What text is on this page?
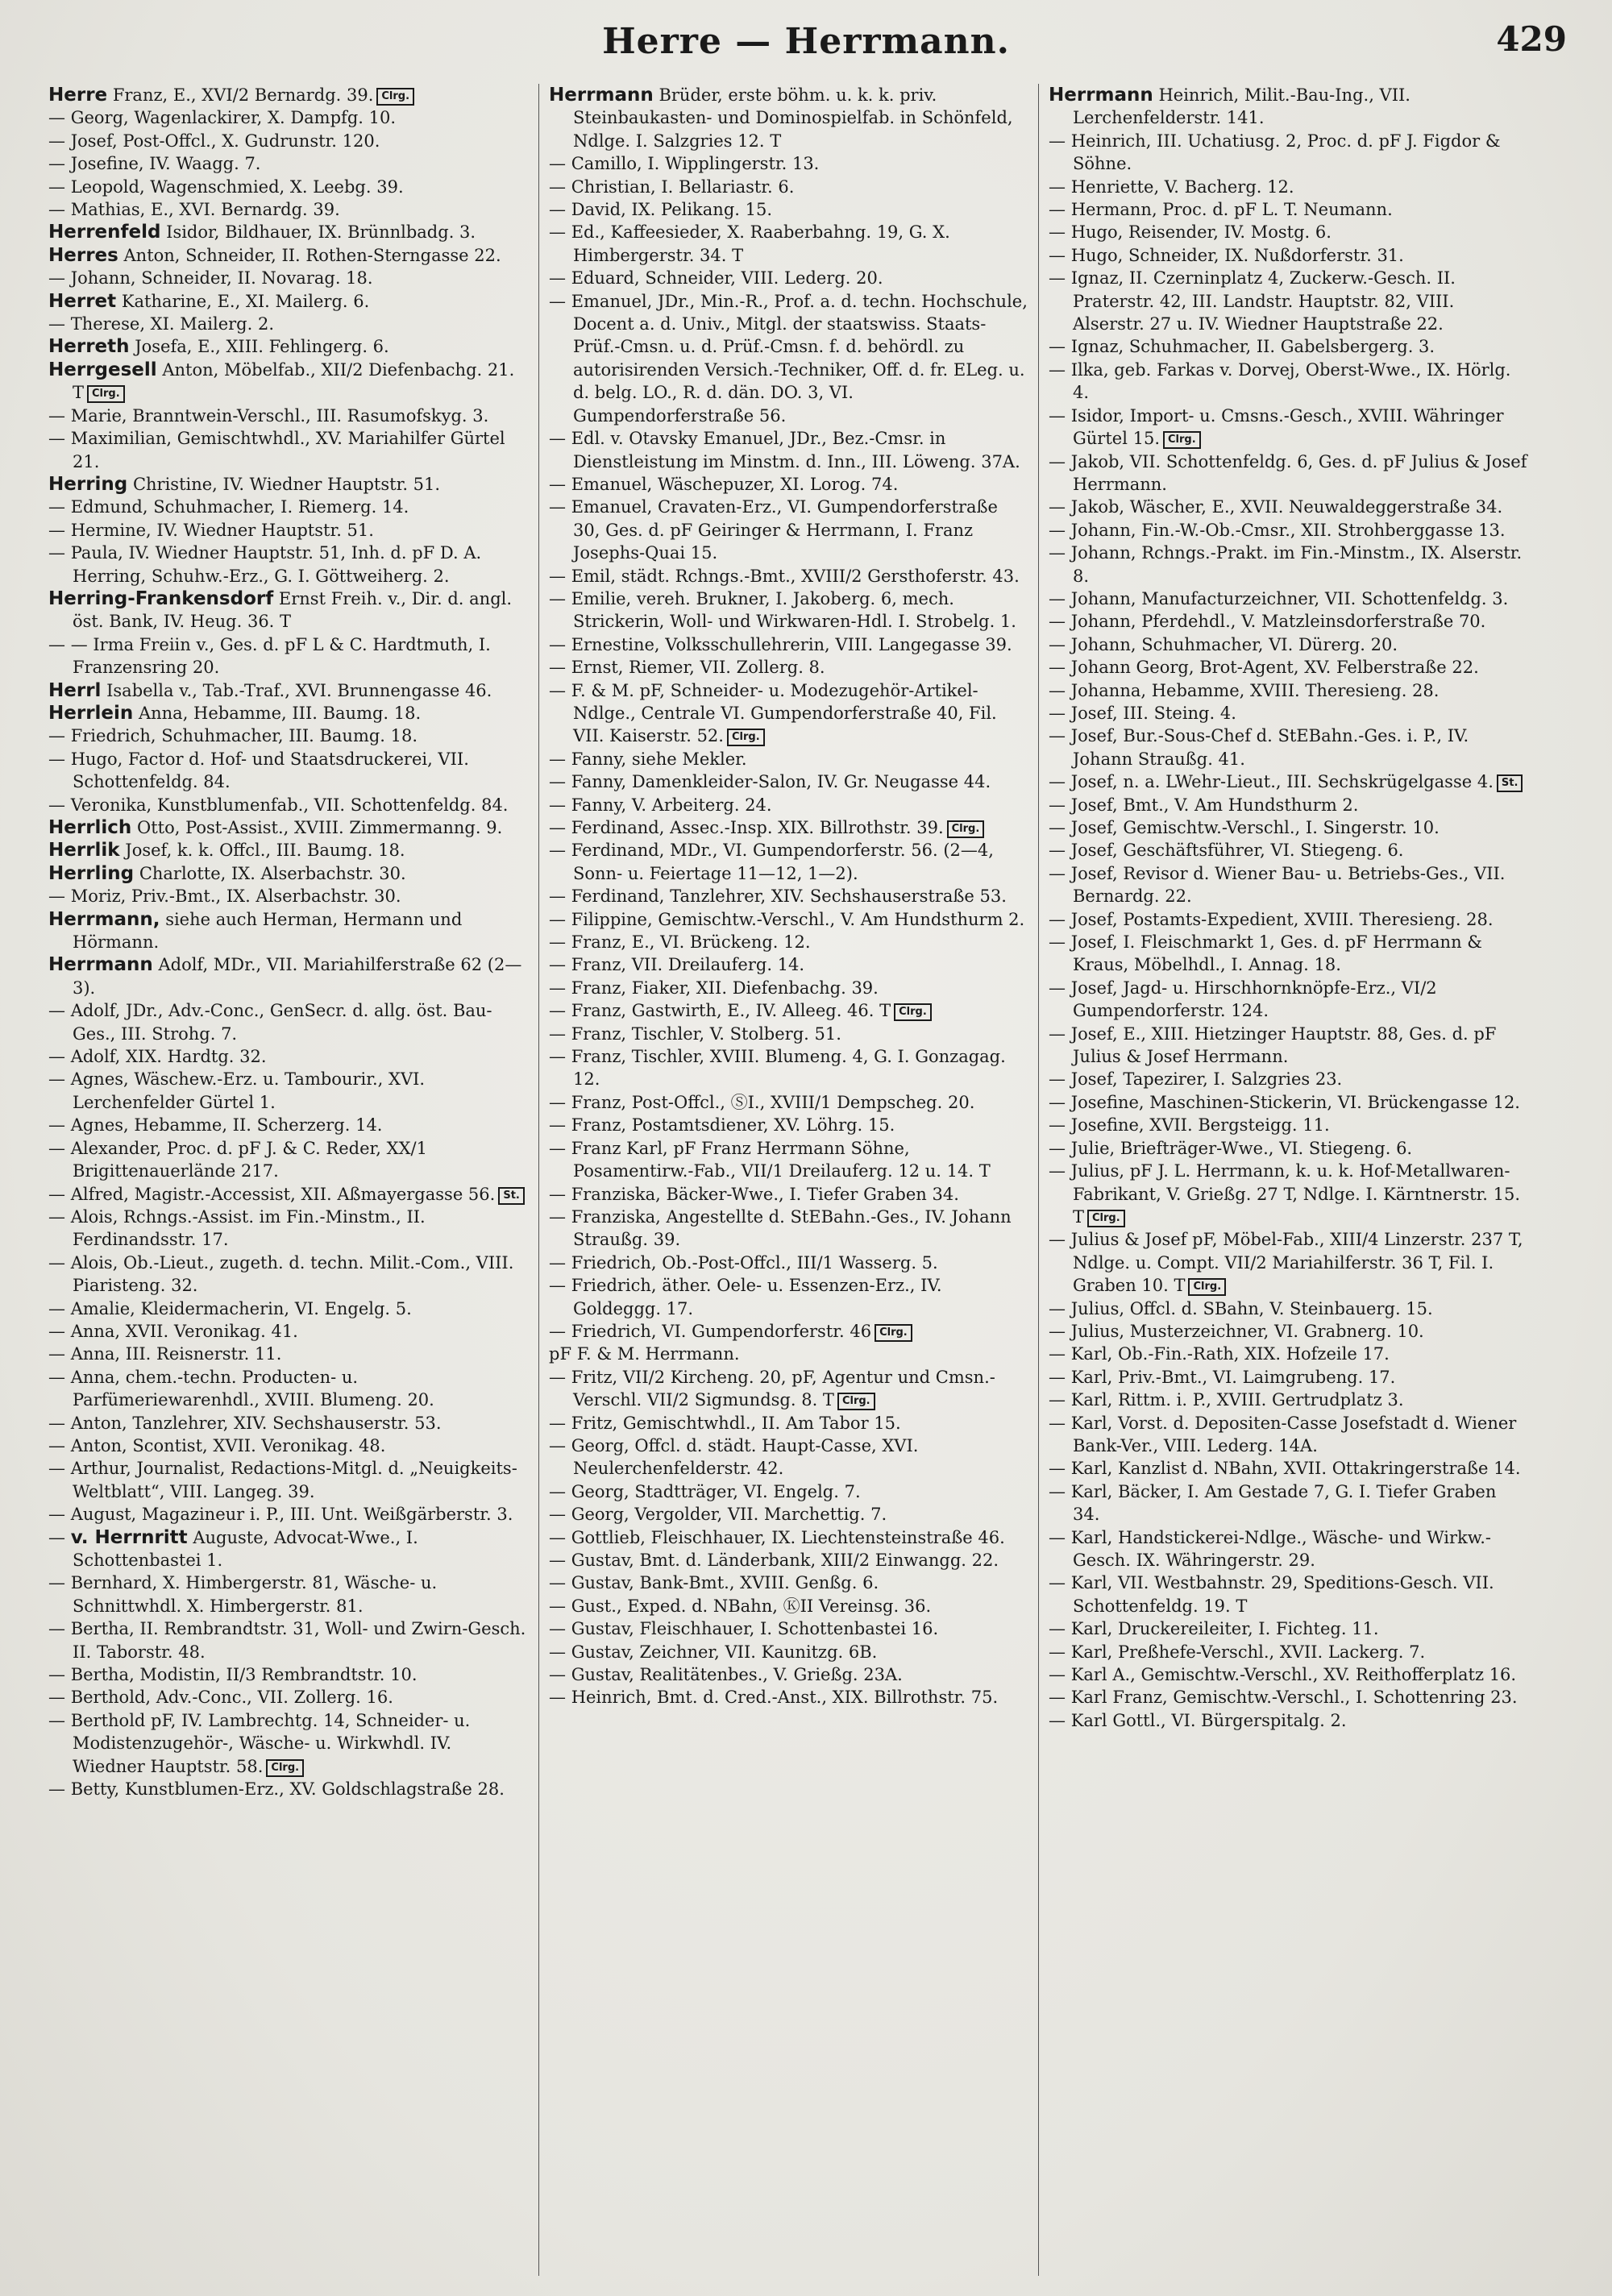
Herre — Herrmann.	429
Herre Franz, E., XVI/2 Bernardg. 39. Clrg.
— Georg, Wagenlackirer, X. Dampfg. 10.
— Josef, Post-Offcl., X. Gudrunstr. 120.
— Josefine, IV. Waagg. 7.
— Leopold, Wagenschmied, X. Leebg. 39.
— Mathias, E., XVI. Bernardg. 39.
Herrenfeld Isidor, Bildhauer, IX. Brünnlbadg. 3.
Herres Anton, Schneider, II. Rothen-Sterngasse 22.
— Johann, Schneider, II. Novarag. 18.
Herret Katharine, E., XI. Mailerg. 6.
— Therese, XI. Mailerg. 2.
Herreth Josefa, E., XIII. Fehlingerg. 6.
Herrgesell Anton, Möbelfab., XII/2 Diefenbachg. 21. T Clrg.
— Marie, Branntwein-Verschl., III. Rasumofskyg. 3.
— Maximilian, Gemischtwhdl., XV. Mariahilfer Gürtel 21.
Herring Christine, IV. Wiedner Hauptstr. 51.
— Edmund, Schuhmacher, I. Riemerg. 14.
— Hermine, IV. Wiedner Hauptstr. 51.
— Paula, IV. Wiedner Hauptstr. 51, Inh. d. pF D. A. Herring, Schuhw.-Erz., G. I. Göttweiherg. 2.
Herring-Frankensdorf Ernst Freih. v., Dir. d. angl. öst. Bank, IV. Heug. 36. T
— — Irma Freiin v., Ges. d. pF L & C. Hardtmuth, I. Franzensring 20.
Herrl Isabella v., Tab.-Traf., XVI. Brunnengasse 46.
Herrlein Anna, Hebamme, III. Baumg. 18.
— Friedrich, Schuhmacher, III. Baumg. 18.
— Hugo, Factor d. Hof- und Staatsdruckerei, VII. Schottenfeldg. 84.
— Veronika, Kunstblumenfab., VII. Schottenfeldg. 84.
Herrlich Otto, Post-Assist., XVIII. Zimmermanng. 9.
Herrlik Josef, k. k. Offcl., III. Baumg. 18.
Herrling Charlotte, IX. Alserbachstr. 30.
— Moriz, Priv.-Bmt., IX. Alserbachstr. 30.
Herrmann, siehe auch Herman, Hermann und Hörmann.
Herrmann Adolf, MDr., VII. Mariahilferstraße 62 (2—3).
— Adolf, JDr., Adv.-Conc., GenSecr. d. allg. öst. Bau-Ges., III. Strohg. 7.
— Adolf, XIX. Hardtg. 32.
— Agnes, Wäschew.-Erz. u. Tambourir., XVI. Lerchenfelder Gürtel 1.
— Agnes, Hebamme, II. Scherzerg. 14.
— Alexander, Proc. d. pF J. & C. Reder, XX/1 Brigittenauerlände 217.
— Alfred, Magistr.-Accessist, XII. Aßmayergasse 56. St.
— Alois, Rchngs.-Assist. im Fin.-Minstm., II. Ferdinandsstr. 17.
— Alois, Ob.-Lieut., zugeth. d. techn. Milit.-Com., VIII. Piaristeng. 32.
— Amalie, Kleidermacherin, VI. Engelg. 5.
— Anna, XVII. Veronikag. 41.
— Anna, III. Reisnerstr. 11.
— Anna, chem.-techn. Producten- u. Parfümeriewarenhdl., XVIII. Blumeng. 20.
— Anton, Tanzlehrer, XIV. Sechshauserstr. 53.
— Anton, Scontist, XVII. Veronikag. 48.
— Arthur, Journalist, Redactions-Mitgl. d. „Neuigkeits-Weltblatt“, VIII. Langeg. 39.
— August, Magazineur i. P., III. Unt. Weißgärberstr. 3.
— v. Herrnritt Auguste, Advocat-Wwe., I. Schottenbastei 1.
— Bernhard, X. Himbergerstr. 81, Wäsche- u. Schnittwhdl. X. Himbergerstr. 81.
— Bertha, II. Rembrandtstr. 31, Woll- und Zwirn-Gesch. II. Taborstr. 48.
— Bertha, Modistin, II/3 Rembrandtstr. 10.
— Berthold, Adv.-Conc., VII. Zollerg. 16.
— Berthold pF, IV. Lambrechtg. 14, Schneider- u. Modistenzugehör-, Wäsche- u. Wirkwhdl. IV. Wiedner Hauptstr. 58. Clrg.
— Betty, Kunstblumen-Erz., XV. Goldschlagstraße 28.
Herrmann Brüder, erste böhm. u. k. k. priv. Steinbaukasten- und Dominospielfab. in Schönfeld, Ndlge. I. Salzgries 12. T
— Camillo, I. Wipplingerstr. 13.
— Christian, I. Bellariastr. 6.
— David, IX. Pelikang. 15.
— Ed., Kaffeesieder, X. Raaberbahng. 19, G. X. Himbergerstr. 34. T
— Eduard, Schneider, VIII. Lederg. 20.
— Emanuel, JDr., Min.-R., Prof. a. d. techn. Hochschule, Docent a. d. Univ., Mitgl. der staatswiss. Staats-Prüf.-Cmsn. u. d. Prüf.-Cmsn. f. d. behördl. zu autorisirenden Versich.-Techniker, Off. d. fr. ELeg. u. d. belg. LO., R. d. dän. DO. 3, VI. Gumpendorferstraße 56.
— Edl. v. Otavsky Emanuel, JDr., Bez.-Cmsr. in Dienstleistung im Minstm. d. Inn., III. Löweng. 37A.
— Emanuel, Wäschepuzer, XI. Lorog. 74.
— Emanuel, Cravaten-Erz., VI. Gumpendorferstraße 30, Ges. d. pF Geiringer & Herrmann, I. Franz Josephs-Quai 15.
— Emil, städt. Rchngs.-Bmt., XVIII/2 Gersthoferstr. 43.
— Emilie, vereh. Brukner, I. Jakoberg. 6, mech. Strickerin, Woll- und Wirkwaren-Hdl. I. Strobelg. 1.
— Ernestine, Volksschullehrerin, VIII. Langegasse 39.
— Ernst, Riemer, VII. Zollerg. 8.
— F. & M. pF, Schneider- u. Modezugehör-Artikel-Ndlge., Centrale VI. Gumpendorferstraße 40, Fil. VII. Kaiserstr. 52. Clrg.
— Fanny, siehe Mekler.
— Fanny, Damenkleider-Salon, IV. Gr. Neugasse 44.
— Fanny, V. Arbeiterg. 24.
— Ferdinand, Assec.-Insp. XIX. Billrothstr. 39. Clrg.
— Ferdinand, MDr., VI. Gumpendorferstr. 56. (2—4, Sonn- u. Feiertage 11—12, 1—2).
— Ferdinand, Tanzlehrer, XIV. Sechshauserstraße 53.
— Filippine, Gemischtw.-Verschl., V. Am Hundsthurm 2.
— Franz, E., VI. Brückeng. 12.
— Franz, VII. Dreilauferg. 14.
— Franz, Fiaker, XII. Diefenbachg. 39.
— Franz, Gastwirth, E., IV. Alleeg. 46. T Clrg.
— Franz, Tischler, V. Stolberg. 51.
— Franz, Tischler, XVIII. Blumeng. 4, G. I. Gonzagag. 12.
— Franz, Post-Offcl., ⓈI., XVIII/1 Dempscheg. 20.
— Franz, Postamtsdiener, XV. Löhrg. 15.
— Franz Karl, pF Franz Herrmann Söhne, Posamentirw.-Fab., VII/1 Dreilauferg. 12 u. 14. T
— Franziska, Bäcker-Wwe., I. Tiefer Graben 34.
— Franziska, Angestellte d. StEBahn.-Ges., IV. Johann Straußg. 39.
— Friedrich, Ob.-Post-Offcl., III/1 Wasserg. 5.
— Friedrich, äther. Oele- u. Essenzen-Erz., IV. Goldeggg. 17.
— Friedrich, VI. Gumpendorferstr. 46 Clrg.
pF F. & M. Herrmann.
— Fritz, VII/2 Kircheng. 20, pF, Agentur und Cmsn.-Verschl. VII/2 Sigmundsg. 8. T Clrg.
— Fritz, Gemischtwhdl., II. Am Tabor 15.
— Georg, Offcl. d. städt. Haupt-Casse, XVI. Neulerchenfelderstr. 42.
— Georg, Stadtträger, VI. Engelg. 7.
— Georg, Vergolder, VII. Marchettig. 7.
— Gottlieb, Fleischhauer, IX. Liechtensteinstraße 46.
— Gustav, Bmt. d. Länderbank, XIII/2 Einwangg. 22.
— Gustav, Bank-Bmt., XVIII. Genßg. 6.
— Gust., Exped. d. NBahn, ⓀII Vereinsg. 36.
— Gustav, Fleischhauer, I. Schottenbastei 16.
— Gustav, Zeichner, VII. Kaunitzg. 6B.
— Gustav, Realitätenbes., V. Grießg. 23A.
— Heinrich, Bmt. d. Cred.-Anst., XIX. Billrothstr. 75.
Herrmann Heinrich, Milit.-Bau-Ing., VII. Lerchenfelderstr. 141.
— Heinrich, III. Uchatiusg. 2, Proc. d. pF J. Figdor & Söhne.
— Henriette, V. Bacherg. 12.
— Hermann, Proc. d. pF L. T. Neumann.
— Hugo, Reisender, IV. Mostg. 6.
— Hugo, Schneider, IX. Nußdorferstr. 31.
— Ignaz, II. Czerninplatz 4, Zuckerw.-Gesch. II. Praterstr. 42, III. Landstr. Hauptstr. 82, VIII. Alserstr. 27 u. IV. Wiedner Hauptstraße 22.
— Ignaz, Schuhmacher, II. Gabelsbergerg. 3.
— Ilka, geb. Farkas v. Dorvej, Oberst-Wwe., IX. Hörlg. 4.
— Isidor, Import- u. Cmsns.-Gesch., XVIII. Währinger Gürtel 15. Clrg.
— Jakob, VII. Schottenfeldg. 6, Ges. d. pF Julius & Josef Herrmann.
— Jakob, Wäscher, E., XVII. Neuwaldeggerstraße 34.
— Johann, Fin.-W.-Ob.-Cmsr., XII. Strohberggasse 13.
— Johann, Rchngs.-Prakt. im Fin.-Minstm., IX. Alserstr. 8.
— Johann, Manufacturzeichner, VII. Schottenfeldg. 3.
— Johann, Pferdehdl., V. Matzleinsdorferstraße 70.
— Johann, Schuhmacher, VI. Dürerg. 20.
— Johann Georg, Brot-Agent, XV. Felberstraße 22.
— Johanna, Hebamme, XVIII. Theresieng. 28.
— Josef, III. Steing. 4.
— Josef, Bur.-Sous-Chef d. StEBahn.-Ges. i. P., IV. Johann Straußg. 41.
— Josef, n. a. LWehr-Lieut., III. Sechskrügelgasse 4. St.
— Josef, Bmt., V. Am Hundsthurm 2.
— Josef, Gemischtw.-Verschl., I. Singerstr. 10.
— Josef, Geschäftsführer, VI. Stiegeng. 6.
— Josef, Revisor d. Wiener Bau- u. Betriebs-Ges., VII. Bernardg. 22.
— Josef, Postamts-Expedient, XVIII. Theresieng. 28.
— Josef, I. Fleischmarkt 1, Ges. d. pF Herrmann & Kraus, Möbelhdl., I. Annag. 18.
— Josef, Jagd- u. Hirschhornknöpfe-Erz., VI/2 Gumpendorferstr. 124.
— Josef, E., XIII. Hietzinger Hauptstr. 88, Ges. d. pF Julius & Josef Herrmann.
— Josef, Tapezirer, I. Salzgries 23.
— Josefine, Maschinen-Stickerin, VI. Brückengasse 12.
— Josefine, XVII. Bergsteigg. 11.
— Julie, Briefträger-Wwe., VI. Stiegeng. 6.
— Julius, pF J. L. Herrmann, k. u. k. Hof-Metallwaren-Fabrikant, V. Grießg. 27 T, Ndlge. I. Kärntnerstr. 15. T Clrg.
— Julius & Josef pF, Möbel-Fab., XIII/4 Linzerstr. 237 T, Ndlge. u. Compt. VII/2 Mariahilferstr. 36 T, Fil. I. Graben 10. T Clrg.
— Julius, Offcl. d. SBahn, V. Steinbauerg. 15.
— Julius, Musterzeichner, VI. Grabnerg. 10.
— Karl, Ob.-Fin.-Rath, XIX. Hofzeile 17.
— Karl, Priv.-Bmt., VI. Laimgrubeng. 17.
— Karl, Rittm. i. P., XVIII. Gertrudplatz 3.
— Karl, Vorst. d. Depositen-Casse Josefstadt d. Wiener Bank-Ver., VIII. Lederg. 14A.
— Karl, Kanzlist d. NBahn, XVII. Ottakringerstraße 14.
— Karl, Bäcker, I. Am Gestade 7, G. I. Tiefer Graben 34.
— Karl, Handstickerei-Ndlge., Wäsche- und Wirkw.-Gesch. IX. Währingerstr. 29.
— Karl, VII. Westbahnstr. 29, Speditions-Gesch. VII. Schottenfeldg. 19. T
— Karl, Druckereileiter, I. Fichteg. 11.
— Karl, Preßhefe-Verschl., XVII. Lackerg. 7.
— Karl A., Gemischtw.-Verschl., XV. Reithofferplatz 16.
— Karl Franz, Gemischtw.-Verschl., I. Schottenring 23.
— Karl Gottl., VI. Bürgerspitalg. 2.
